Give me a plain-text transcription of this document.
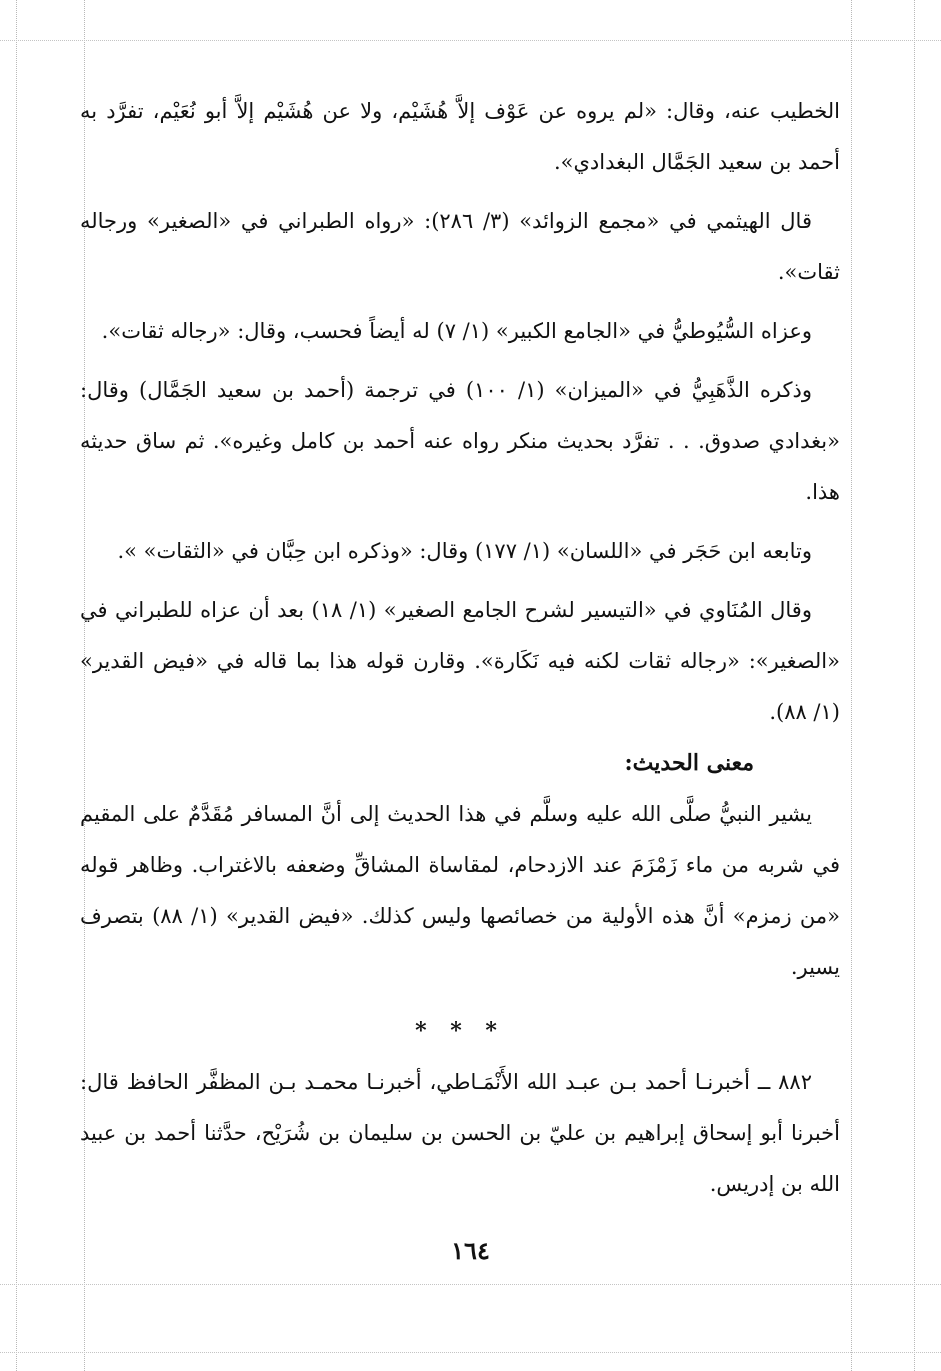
الخطيب عنه، وقال: «لم يروه عن عَوْف إلاَّ هُشَيْم، ولا عن هُشَيْم إلاَّ أبو نُعَيْم، تفرَّد به أحمد بن سعيد الجَمَّال البغدادي».

قال الهيثمي في «مجمع الزوائد» (٣/ ٢٨٦): «رواه الطبراني في «الصغير» ورجاله ثقات».

وعزاه السُّيُوطيُّ في «الجامع الكبير» (١/ ٧) له أيضاً فحسب، وقال: «رجاله ثقات».

وذكره الذَّهَبِيُّ في «الميزان» (١/ ١٠٠) في ترجمة (أحمد بن سعيد الجَمَّال) وقال: «بغدادي صدوق. . . تفرَّد بحديث منكر رواه عنه أحمد بن كامل وغيره». ثم ساق حديثه هذا.

وتابعه ابن حَجَر في «اللسان» (١/ ١٧٧) وقال: «وذكره ابن حِبَّان في «الثقات» ».

وقال المُنَاوي في «التيسير لشرح الجامع الصغير» (١/ ١٨) بعد أن عزاه للطبراني في «الصغير»: «رجاله ثقات لكنه فيه نَكَارة». وقارن قوله هذا بما قاله في «فيض القدير» (١/ ٨٨).

معنى الحديث:

يشير النبيُّ صلَّى الله عليه وسلَّم في هذا الحديث إلى أنَّ المسافر مُقَدَّمٌ على المقيم في شربه من ماء زَمْزَمَ عند الازدحام، لمقاساة المشاقِّ وضعفه بالاغتراب. وظاهر قوله «من زمزم» أنَّ هذه الأولية من خصائصها وليس كذلك. «فيض القدير» (١/ ٨٨) بتصرف يسير.

* * *

٨٨٢ ــ أخبرنـا أحمد بـن عبـد الله الأَنْمَـاطي، أخبرنـا محمـد بـن المظفَّر الحافظ قال: أخبرنا أبو إسحاق إبراهيم بن عليّ بن الحسن بن سليمان بن شُرَيْح، حدَّثنا أحمد بن عبيد الله بن إدريس.

١٦٤
